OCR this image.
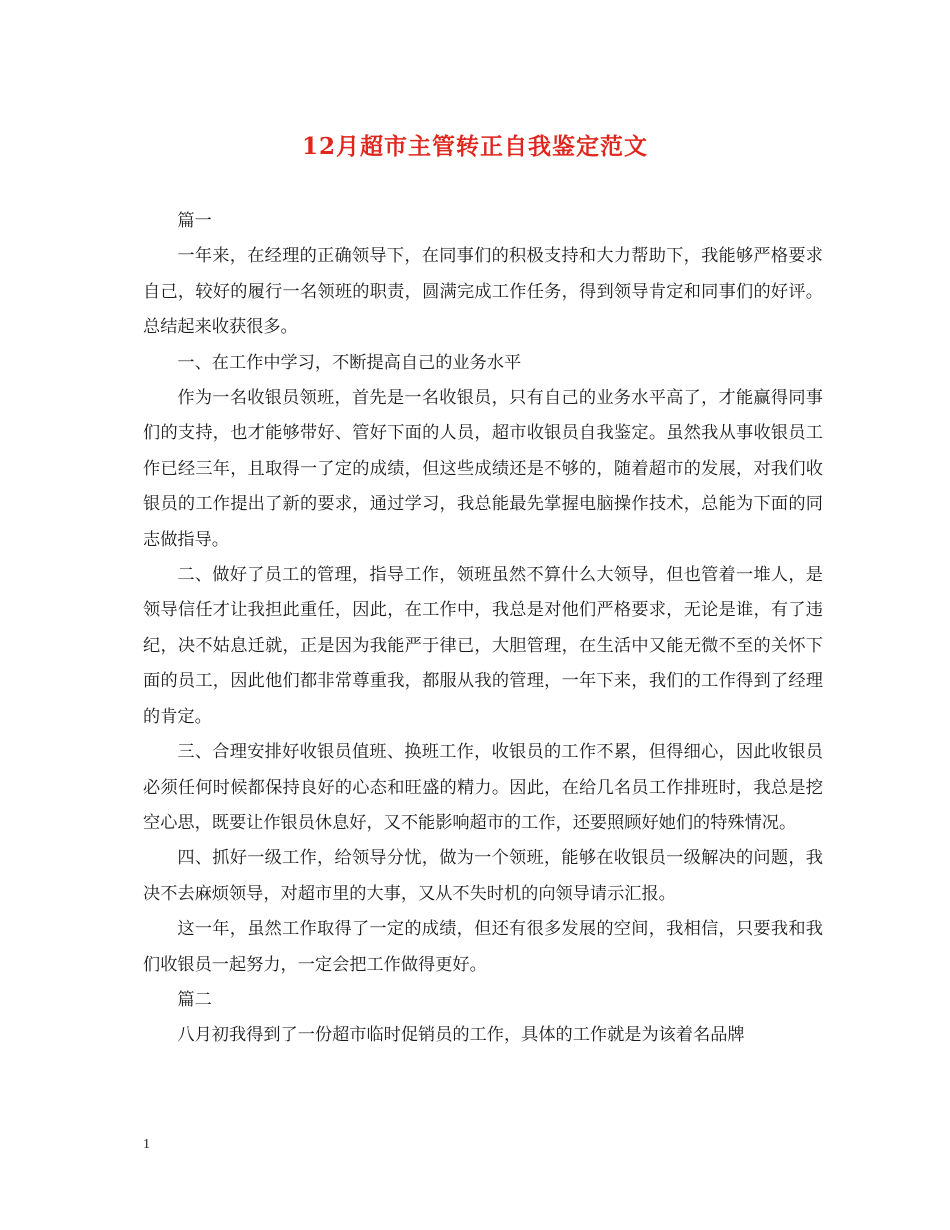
12月超市主管转正自我鉴定范文

篇一

一年来，在经理的正确领导下，在同事们的积极支持和大力帮助下，我能够严格要求自己，较好的履行一名领班的职责，圆满完成工作任务，得到领导肯定和同事们的好评。总结起来收获很多。

一、在工作中学习，不断提高自己的业务水平

作为一名收银员领班，首先是一名收银员，只有自己的业务水平高了，才能赢得同事们的支持，也才能够带好、管好下面的人员，超市收银员自我鉴定。虽然我从事收银员工作已经三年，且取得一了定的成绩，但这些成绩还是不够的，随着超市的发展，对我们收银员的工作提出了新的要求，通过学习，我总能最先掌握电脑操作技术，总能为下面的同志做指导。

二、做好了员工的管理，指导工作，领班虽然不算什么大领导，但也管着一堆人，是领导信任才让我担此重任，因此，在工作中，我总是对他们严格要求，无论是谁，有了违纪，决不姑息迁就，正是因为我能严于律已，大胆管理，在生活中又能无微不至的关怀下面的员工，因此他们都非常尊重我，都服从我的管理，一年下来，我们的工作得到了经理的肯定。

三、合理安排好收银员值班、换班工作，收银员的工作不累，但得细心，因此收银员必须任何时候都保持良好的心态和旺盛的精力。因此，在给几名员工作排班时，我总是挖空心思，既要让作银员休息好，又不能影响超市的工作，还要照顾好她们的特殊情况。

四、抓好一级工作，给领导分忧，做为一个领班，能够在收银员一级解决的问题，我决不去麻烦领导，对超市里的大事，又从不失时机的向领导请示汇报。

这一年，虽然工作取得了一定的成绩，但还有很多发展的空间，我相信，只要我和我们收银员一起努力，一定会把工作做得更好。

篇二

八月初我得到了一份超市临时促销员的工作，具体的工作就是为该着名品牌

1
